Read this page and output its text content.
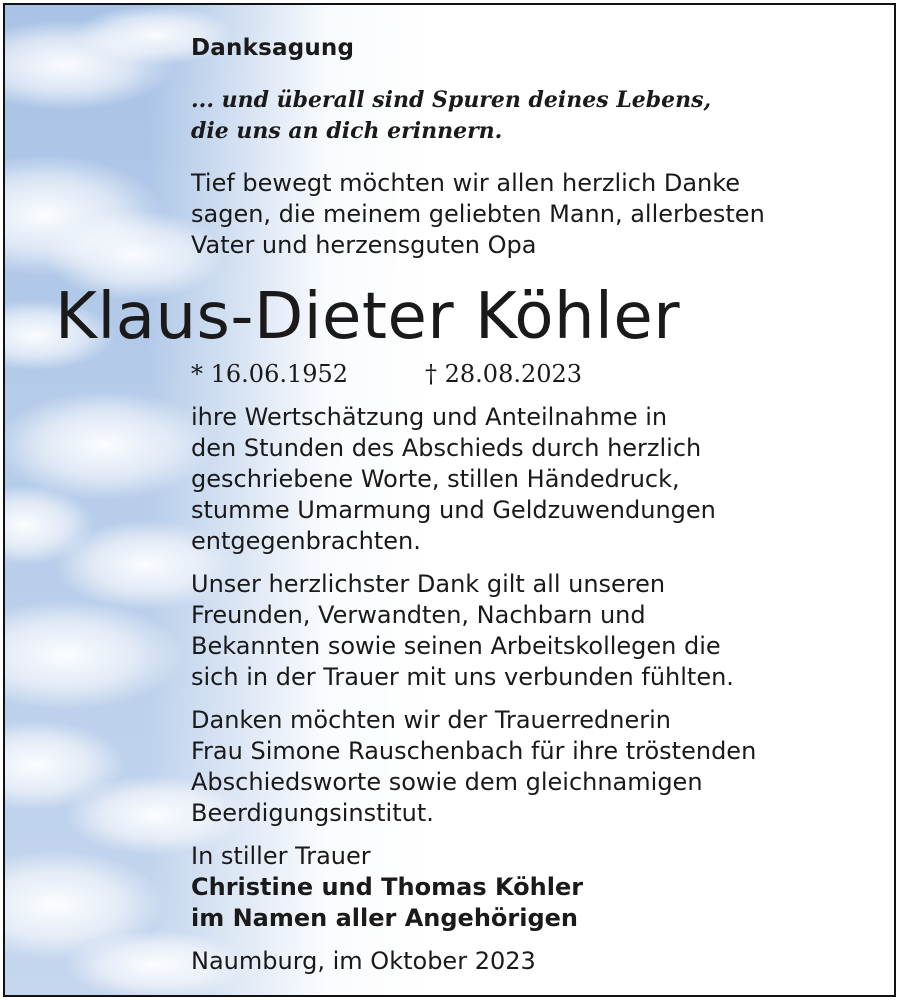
Danksagung
... und überall sind Spuren deines Lebens,
die uns an dich erinnern.
Tief bewegt möchten wir allen herzlich Danke
sagen, die meinem geliebten Mann, allerbesten
Vater und herzensguten Opa
Klaus-Dieter Köhler
* 16.06.1952	† 28.08.2023
ihre Wertschätzung und Anteilnahme in
den Stunden des Abschieds durch herzlich
geschriebene Worte, stillen Händedruck,
stumme Umarmung und Geldzuwendungen
entgegenbrachten.
Unser herzlichster Dank gilt all unseren
Freunden, Verwandten, Nachbarn und
Bekannten sowie seinen Arbeitskollegen die
sich in der Trauer mit uns verbunden fühlten.
Danken möchten wir der Trauerrednerin
Frau Simone Rauschenbach für ihre tröstenden
Abschiedsworte sowie dem gleichnamigen
Beerdigungsinstitut.
In stiller Trauer
Christine und Thomas Köhler
im Namen aller Angehörigen
Naumburg, im Oktober 2023
